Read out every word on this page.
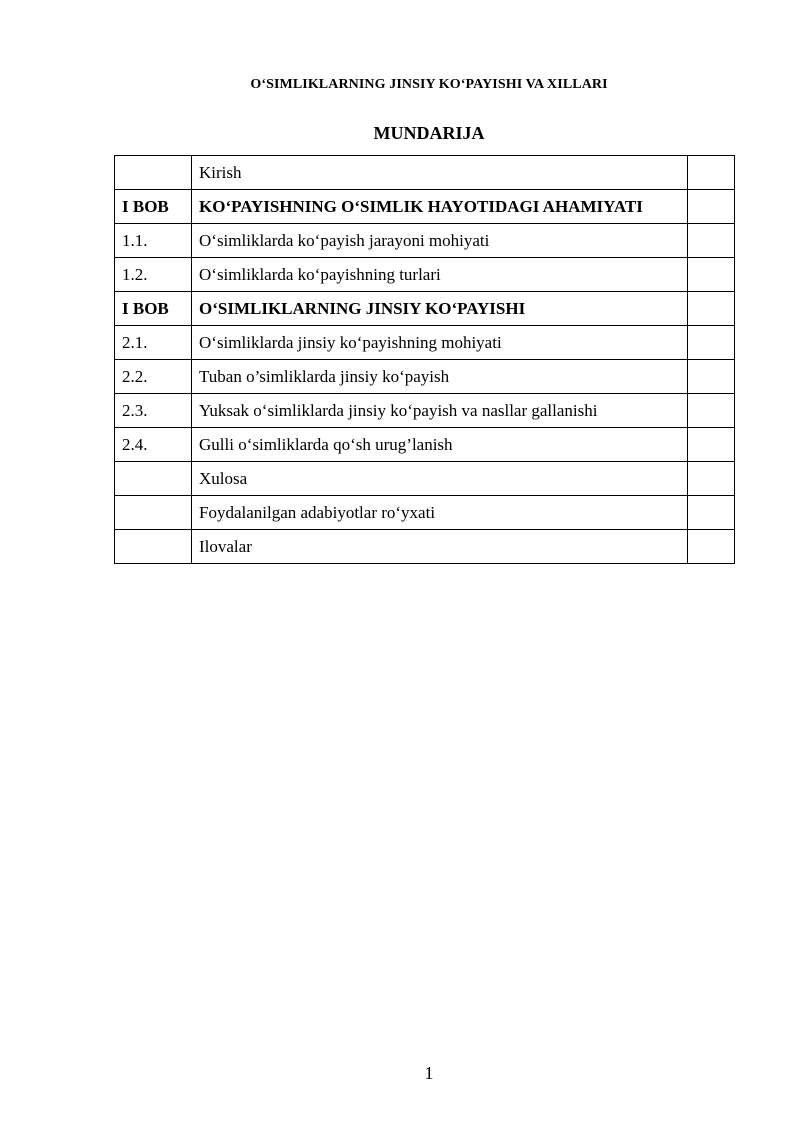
O‘SIMLIKLARNING JINSIY KO‘PAYISHI VA XILLARI
MUNDARIJA
	Kirish	
I BOB	KO‘PAYISHNING O‘SIMLIK HAYOTIDAGI AHAMIYATI	
1.1.	O‘simliklarda ko‘payish jarayoni mohiyati	
1.2.	O‘simliklarda ko‘payishning turlari	
I BOB	O‘SIMLIKLARNING JINSIY KO‘PAYISHI	
2.1.	O‘simliklarda jinsiy ko‘payishning mohiyati	
2.2.	Tuban o’simliklarda jinsiy ko‘payish	
2.3.	Yuksak o‘simliklarda jinsiy ko‘payish va nasllar gallanishi	
2.4.	Gulli o‘simliklarda qo‘sh urug’lanish	
	Xulosa	
	Foydalanilgan adabiyotlar ro‘yxati	
	Ilovalar	
1
